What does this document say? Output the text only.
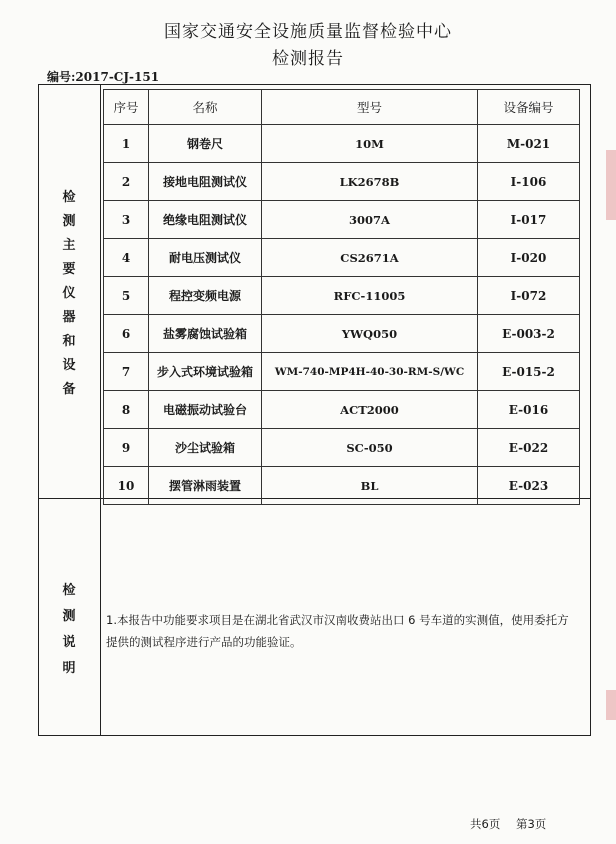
国家交通安全设施质量监督检验中心
检测报告
编号:2017-CJ-151
检
测
主
要
仪
器
和
设
备
检
测
说
明
序号	名称	型号	设备编号
1	钢卷尺	10M	M-021
2	接地电阻测试仪	LK2678B	I-106
3	绝缘电阻测试仪	3007A	I-017
4	耐电压测试仪	CS2671A	I-020
5	程控变频电源	RFC-11005	I-072
6	盐雾腐蚀试验箱	YWQ050	E-003-2
7	步入式环境试验箱	WM-740-MP4H-40-30-RM-S/WC	E-015-2
8	电磁振动试验台	ACT2000	E-016
9	沙尘试验箱	SC-050	E-022
10	摆管淋雨装置	BL	E-023
1.本报告中功能要求项目是在湖北省武汉市汉南收费站出口 6 号车道的实测值，使用委托方提供的测试程序进行产品的功能验证。
共6页 第3页
